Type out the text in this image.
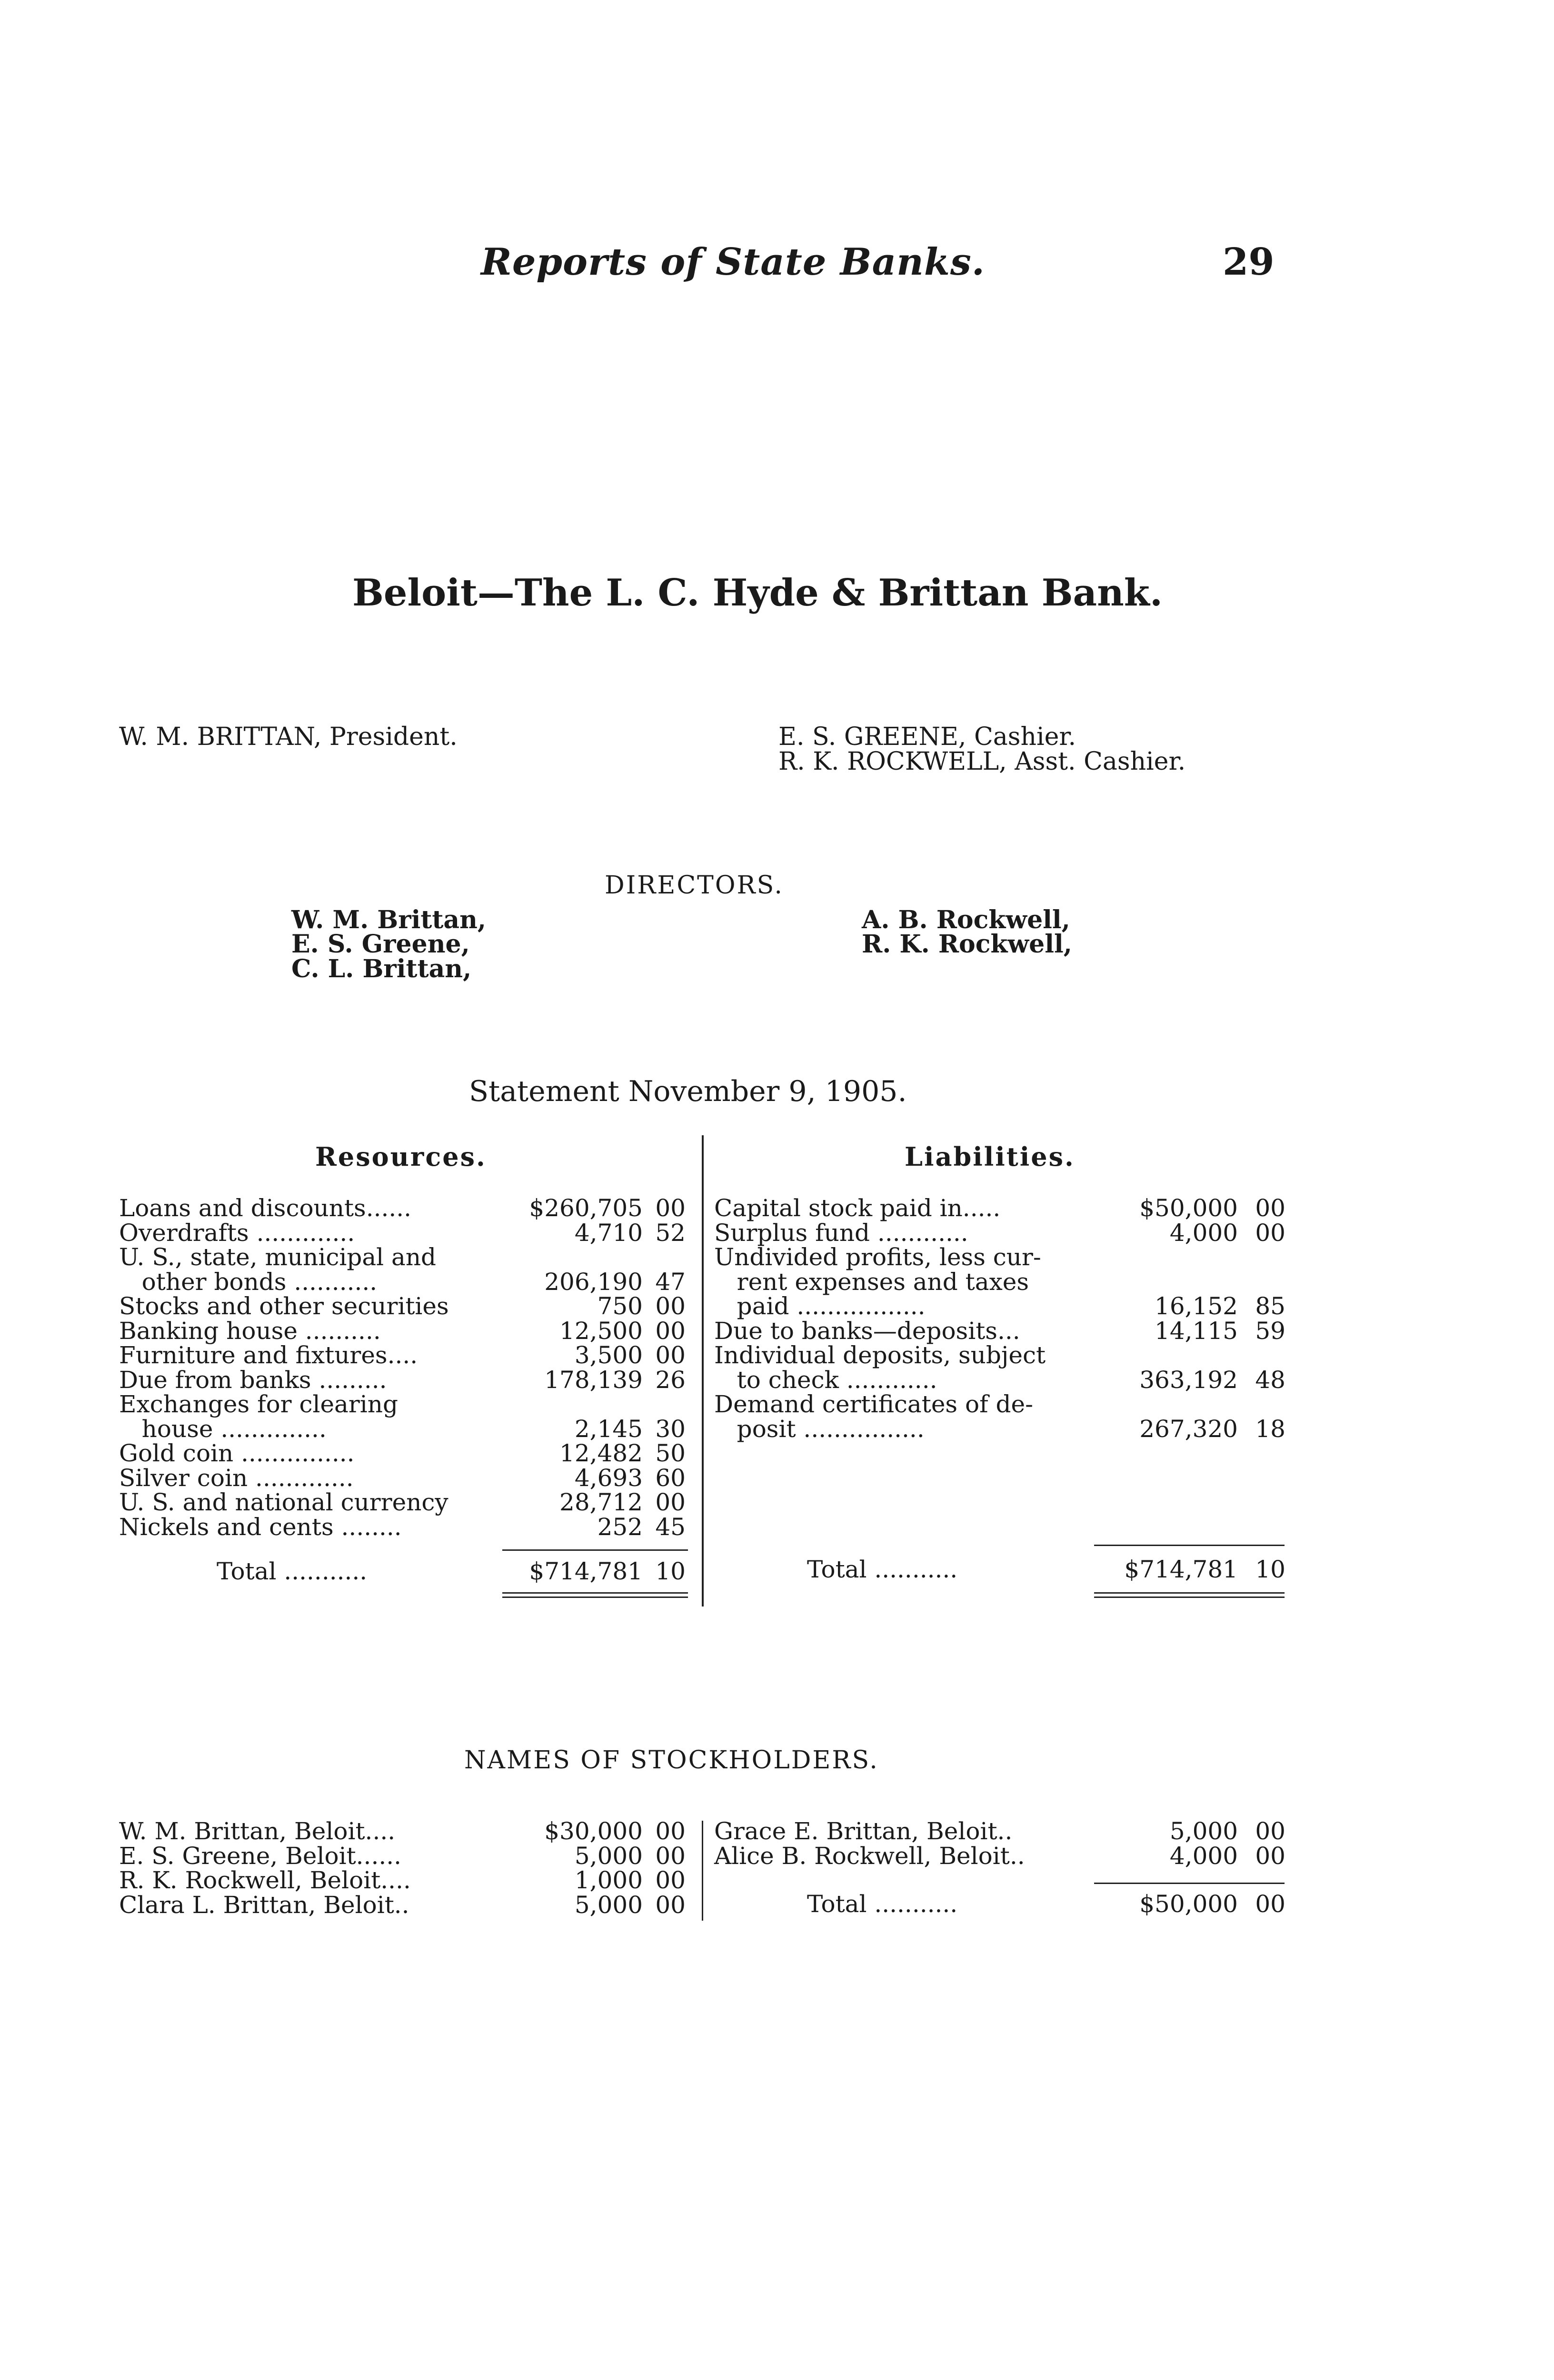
Reports of State Banks.	29
Beloit—The L. C. Hyde & Brittan Bank.
W. M. BRITTAN, President.	E. S. GREENE, Cashier.
R. K. ROCKWELL, Asst. Cashier.
DIRECTORS.
W. M. Brittan,
E. S. Greene,
C. L. Brittan,
A. B. Rockwell,
R. K. Rockwell,
Statement November 9, 1905.
Resources.	Liabilities.
Loans and discounts......	$260,705 00
Overdrafts .............	4,710 52
U. S., state, municipal and
other bonds ...........	206,190 47
Stocks and other securities	750 00
Banking house ..........	12,500 00
Furniture and fixtures....	3,500 00
Due from banks .........	178,139 26
Exchanges for clearing
house ..............	2,145 30
Gold coin ...............	12,482 50
Silver coin .............	4,693 60
U. S. and national currency	28,712 00
Nickels and cents ........	252 45
Capital stock paid in.....	$50,000 00
Surplus fund ............	4,000 00
Undivided profits, less cur-
rent expenses and taxes
paid .................	16,152 85
Due to banks—deposits...	14,115 59
Individual deposits, subject
to check ............	363,192 48
Demand certificates of de-
posit ................	267,320 18
Total ...........	$714,781 10	Total ...........	$714,781 10
NAMES OF STOCKHOLDERS.
W. M. Brittan, Beloit....	$30,000 00
E. S. Greene, Beloit......	5,000 00
R. K. Rockwell, Beloit....	1,000 00
Clara L. Brittan, Beloit..	5,000 00
Grace E. Brittan, Beloit..	5,000 00
Alice B. Rockwell, Beloit..	4,000 00
Total ...........	$50,000 00
